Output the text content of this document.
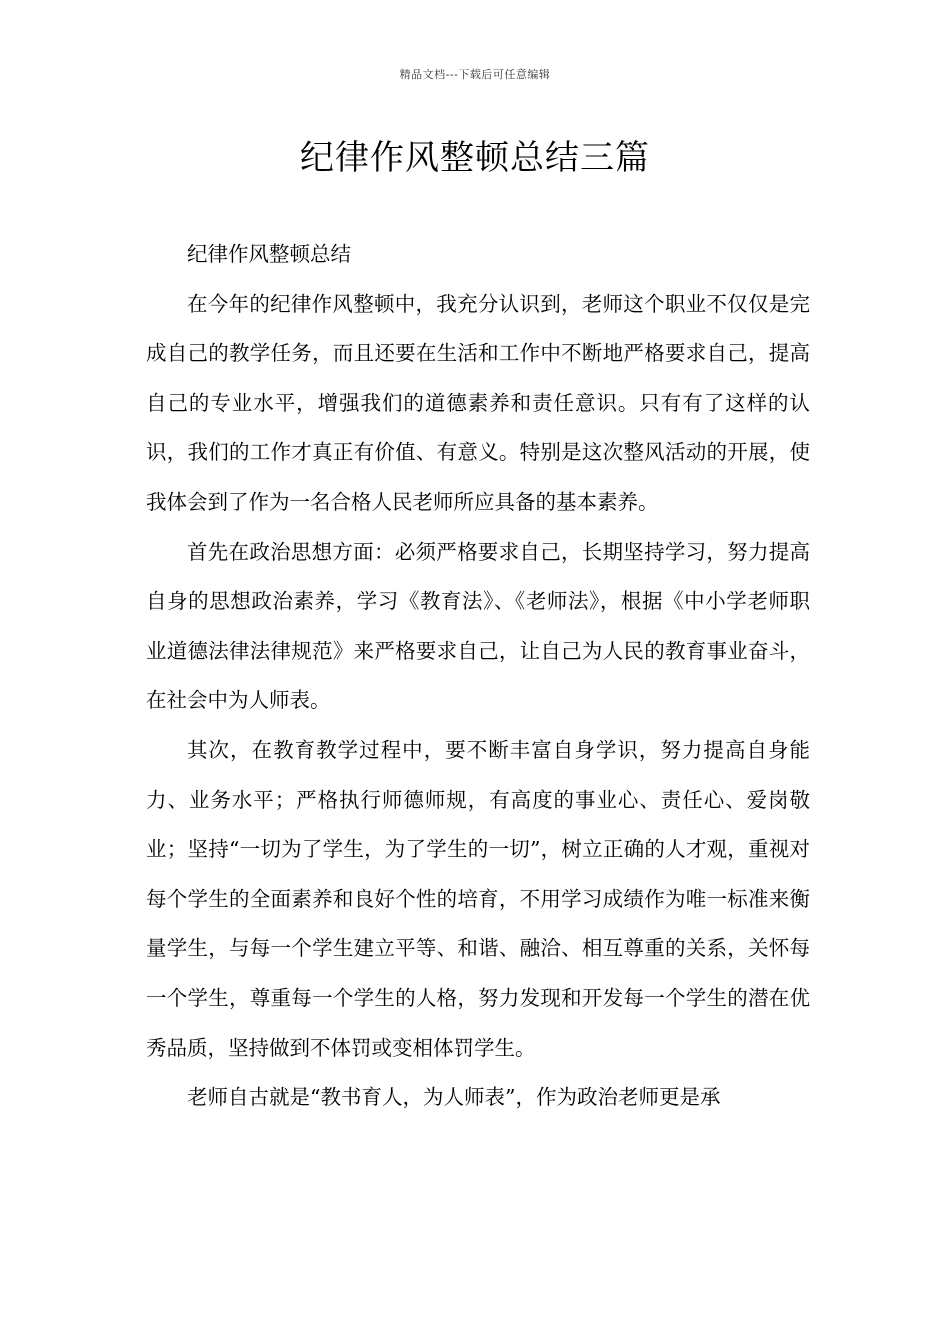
精品文档---下载后可任意编辑
纪律作风整顿总结三篇

纪律作风整顿总结

在今年的纪律作风整顿中，我充分认识到，老师这个职业不仅仅是完成自己的教学任务，而且还要在生活和工作中不断地严格要求自己，提高自己的专业水平，增强我们的道德素养和责任意识。只有有了这样的认识，我们的工作才真正有价值、有意义。特别是这次整风活动的开展，使我体会到了作为一名合格人民老师所应具备的基本素养。

首先在政治思想方面：必须严格要求自己，长期坚持学习，努力提高自身的思想政治素养，学习《教育法》、《老师法》，根据《中小学老师职业道德法律法律规范》来严格要求自己，让自己为人民的教育事业奋斗，在社会中为人师表。

其次，在教育教学过程中，要不断丰富自身学识，努力提高自身能力、业务水平；严格执行师德师规，有高度的事业心、责任心、爱岗敬业；坚持“一切为了学生，为了学生的一切”，树立正确的人才观，重视对每个学生的全面素养和良好个性的培育，不用学习成绩作为唯一标准来衡量学生，与每一个学生建立平等、和谐、融洽、相互尊重的关系，关怀每一个学生，尊重每一个学生的人格，努力发现和开发每一个学生的潜在优秀品质，坚持做到不体罚或变相体罚学生。

老师自古就是“教书育人，为人师表”，作为政治老师更是承
